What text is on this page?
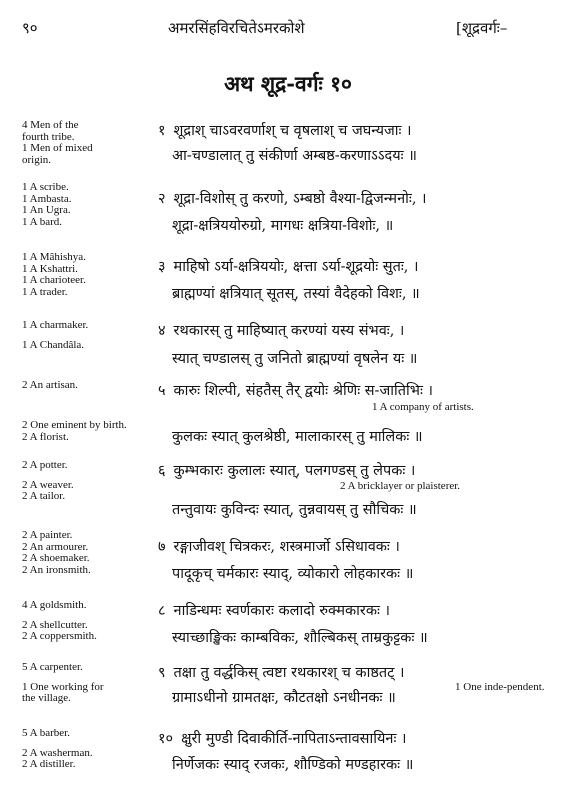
९०	अमरसिंहविरचितेऽमरकोशे	[शूद्रवर्गः–
अथ शूद्र-वर्गः १०
4 Men of the
fourth tribe.
1 Men of mixed
origin.
१ शूद्राश् चाऽवरवर्णाश् च वृषलाश् च जघन्यजाः ।
आ-चण्डालात् तु संकीर्णा अम्बष्ठ-करणाऽऽदयः ॥
1 A scribe.
1 Ambasta.
1 An Ugra.
1 A bard.
२ शूद्रा-विशोस् तु करणो, ऽम्बष्ठो वैश्या-द्विजन्मनोः, ।
शूद्रा-क्षत्रिययोरुग्रो, मागधः क्षत्रिया-विशोः, ॥
1 A Mâhishya.
1 A Kshattri.
1 A charioteer.
1 A trader.
३ माहिषो ऽर्या-क्षत्रिययोः, क्षत्ता ऽर्या-शूद्रयोः सुतः, ।
ब्राह्मण्यां क्षत्रियात् सूतस्, तस्यां वैदेहको विशः, ॥
1 A charmaker.
1 A Chandâla.
४ रथकारस् तु माहिष्यात् करण्यां यस्य संभवः, ।
स्यात् चण्डालस् तु जनितो ब्राह्मण्यां वृषलेन यः ॥
2 An artisan.	५ कारुः शिल्पी, संहतैस् तैर् द्वयोः श्रेणिः स-जातिभिः ।
1 A company of artists.
2 One eminent by birth.
2 A florist.	कुलकः स्यात् कुलश्रेष्ठी, मालाकारस् तु मालिकः ॥
2 A potter.
2 A weaver.
2 A tailor.
६ कुम्भकारः कुलालः स्यात्, पलगण्डस् तु लेपकः ।
तन्तुवायः कुविन्दः स्यात्, तुन्नवायस् तु सौचिकः ॥
2 A bricklayer or plaisterer.
2 A painter.
2 An armourer.
2 A shoemaker.
2 An ironsmith.
७ रङ्गाजीवश् चित्रकरः, शस्त्रमार्जो ऽसिधावकः ।
पादूकृच् चर्मकारः स्याद्, व्योकारो लोहकारकः ॥
4 A goldsmith.
2 A shellcutter.
2 A coppersmith.
८ नाडिन्धमः स्वर्णकारः कलादो रुक्मकारकः ।
स्याच्छाङ्खिकः काम्बविकः, शौल्बिकस् ताम्रकुट्टकः ॥
5 A carpenter.
1 One working for
the village.
९ तक्षा तु वर्द्धकिस् त्वष्टा रथकारश् च काष्ठतट् ।
ग्रामाऽधीनो ग्रामतक्षः, कौटतक्षो ऽनधीनकः ॥
1 One inde-pendent.
5 A barber.
2 A washerman.
2 A distiller.
१० क्षुरी मुण्डी दिवाकीर्ति-नापिताऽन्तावसायिनः ।
निर्णेजकः स्याद् रजकः, शौण्डिको मण्डहारकः ॥
